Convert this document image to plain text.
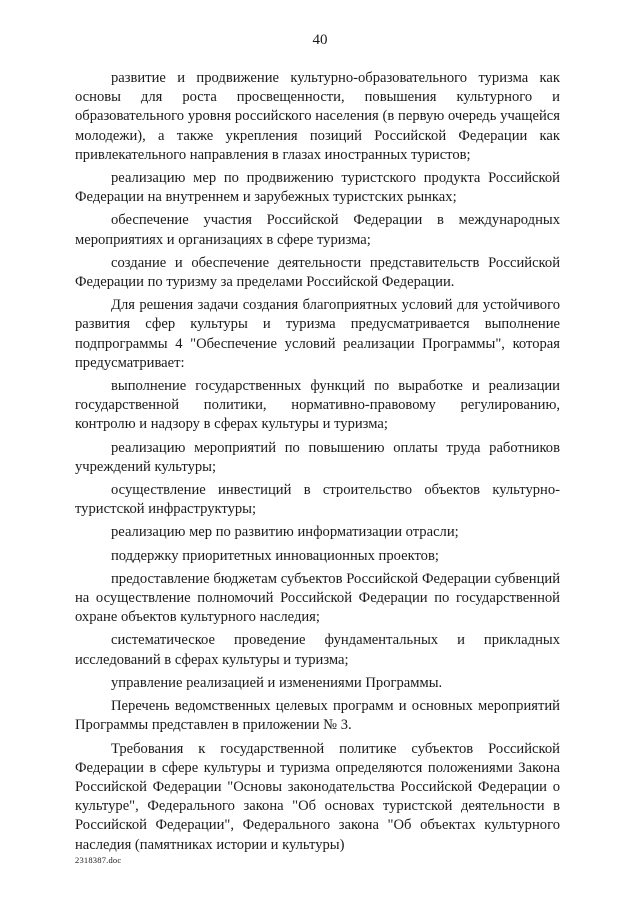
40

развитие и продвижение культурно-образовательного туризма как основы для роста просвещенности, повышения культурного и образовательного уровня российского населения (в первую очередь учащейся молодежи), а также укрепления позиций Российской Федерации как привлекательного направления в глазах иностранных туристов;

реализацию мер по продвижению туристского продукта Российской Федерации на внутреннем и зарубежных туристских рынках;

обеспечение участия Российской Федерации в международных мероприятиях и организациях в сфере туризма;

создание и обеспечение деятельности представительств Российской Федерации по туризму за пределами Российской Федерации.

Для решения задачи создания благоприятных условий для устойчивого развития сфер культуры и туризма предусматривается выполнение подпрограммы 4 "Обеспечение условий реализации Программы", которая предусматривает:

выполнение государственных функций по выработке и реализации государственной политики, нормативно-правовому регулированию, контролю и надзору в сферах культуры и туризма;

реализацию мероприятий по повышению оплаты труда работников учреждений культуры;

осуществление инвестиций в строительство объектов культурно-туристской инфраструктуры;

реализацию мер по развитию информатизации отрасли;

поддержку приоритетных инновационных проектов;

предоставление бюджетам субъектов Российской Федерации субвенций на осуществление полномочий Российской Федерации по государственной охране объектов культурного наследия;

систематическое проведение фундаментальных и прикладных исследований в сферах культуры и туризма;

управление реализацией и изменениями Программы.

Перечень ведомственных целевых программ и основных мероприятий Программы представлен в приложении № 3.

Требования к государственной политике субъектов Российской Федерации в сфере культуры и туризма определяются положениями Закона Российской Федерации "Основы законодательства Российской Федерации о культуре", Федерального закона "Об основах туристской деятельности в Российской Федерации", Федерального закона "Об объектах культурного наследия (памятниках истории и культуры)

2318387.doc
